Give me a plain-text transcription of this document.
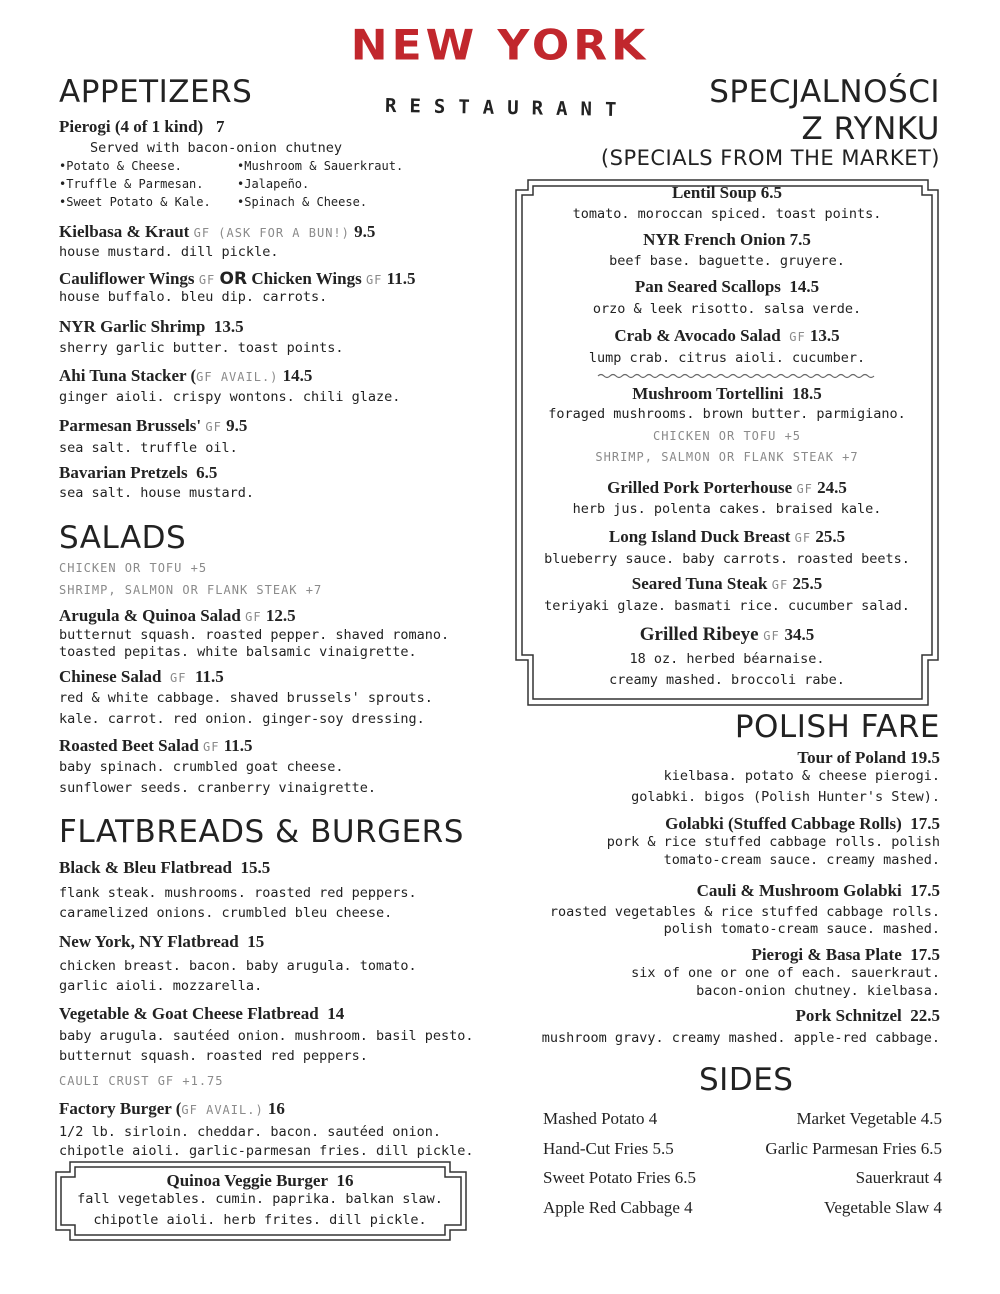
NEW YORK
RESTAURANT
APPETIZERS
Pierogi (4 of 1 kind) 7
Served with bacon-onion chutney
•Potato & Cheese.	•Mushroom & Sauerkraut.
•Truffle & Parmesan.	•Jalapeño.
•Sweet Potato & Kale. •Spinach & Cheese.
Kielbasa & Kraut GF (ASK FOR A BUN!) 9.5
house mustard. dill pickle.
Cauliflower Wings GF OR Chicken Wings GF 11.5
house buffalo. bleu dip. carrots.
NYR Garlic Shrimp 13.5
sherry garlic butter. toast points.
Ahi Tuna Stacker (GF AVAIL.) 14.5
ginger aioli. crispy wontons. chili glaze.
Parmesan Brussels' GF 9.5
sea salt. truffle oil.
Bavarian Pretzels 6.5
sea salt. house mustard.
SALADS
CHICKEN OR TOFU +5
SHRIMP, SALMON OR FLANK STEAK +7
Arugula & Quinoa Salad GF 12.5
butternut squash. roasted pepper. shaved romano.
toasted pepitas. white balsamic vinaigrette.
Chinese Salad GF 11.5
red & white cabbage. shaved brussels' sprouts.
kale. carrot. red onion. ginger-soy dressing.
Roasted Beet Salad GF 11.5
baby spinach. crumbled goat cheese.
sunflower seeds. cranberry vinaigrette.
FLATBREADS & BURGERS
Black & Bleu Flatbread 15.5
flank steak. mushrooms. roasted red peppers.
caramelized onions. crumbled bleu cheese.
New York, NY Flatbread 15
chicken breast. bacon. baby arugula. tomato.
garlic aioli. mozzarella.
Vegetable & Goat Cheese Flatbread 14
baby arugula. sautéed onion. mushroom. basil pesto.
butternut squash. roasted red peppers.
CAULI CRUST GF +1.75
Factory Burger (GF AVAIL.) 16
1/2 lb. sirloin. cheddar. bacon. sautéed onion.
chipotle aioli. garlic-parmesan fries. dill pickle.
Quinoa Veggie Burger 16
fall vegetables. cumin. paprika. balkan slaw.
chipotle aioli. herb frites. dill pickle.
SPECJALNOŚCI
Z RYNKU
(SPECIALS FROM THE MARKET)
Lentil Soup 6.5
tomato. moroccan spiced. toast points.
NYR French Onion 7.5
beef base. baguette. gruyere.
Pan Seared Scallops 14.5
orzo & leek risotto. salsa verde.
Crab & Avocado Salad GF 13.5
lump crab. citrus aioli. cucumber.
Mushroom Tortellini 18.5
foraged mushrooms. brown butter. parmigiano.
CHICKEN OR TOFU +5
SHRIMP, SALMON OR FLANK STEAK +7
Grilled Pork Porterhouse GF 24.5
herb jus. polenta cakes. braised kale.
Long Island Duck Breast GF 25.5
blueberry sauce. baby carrots. roasted beets.
Seared Tuna Steak GF 25.5
teriyaki glaze. basmati rice. cucumber salad.
Grilled Ribeye GF 34.5
18 oz. herbed béarnaise.
creamy mashed. broccoli rabe.
POLISH FARE
Tour of Poland 19.5
kielbasa. potato & cheese pierogi.
golabki. bigos (Polish Hunter's Stew).
Golabki (Stuffed Cabbage Rolls) 17.5
pork & rice stuffed cabbage rolls. polish
tomato-cream sauce. creamy mashed.
Cauli & Mushroom Golabki 17.5
roasted vegetables & rice stuffed cabbage rolls.
polish tomato-cream sauce. mashed.
Pierogi & Basa Plate 17.5
six of one or one of each. sauerkraut.
bacon-onion chutney. kielbasa.
Pork Schnitzel 22.5
mushroom gravy. creamy mashed. apple-red cabbage.
SIDES
Mashed Potato 4
Hand-Cut Fries 5.5
Sweet Potato Fries 6.5
Apple Red Cabbage 4
Market Vegetable 4.5
Garlic Parmesan Fries 6.5
Sauerkraut 4
Vegetable Slaw 4
